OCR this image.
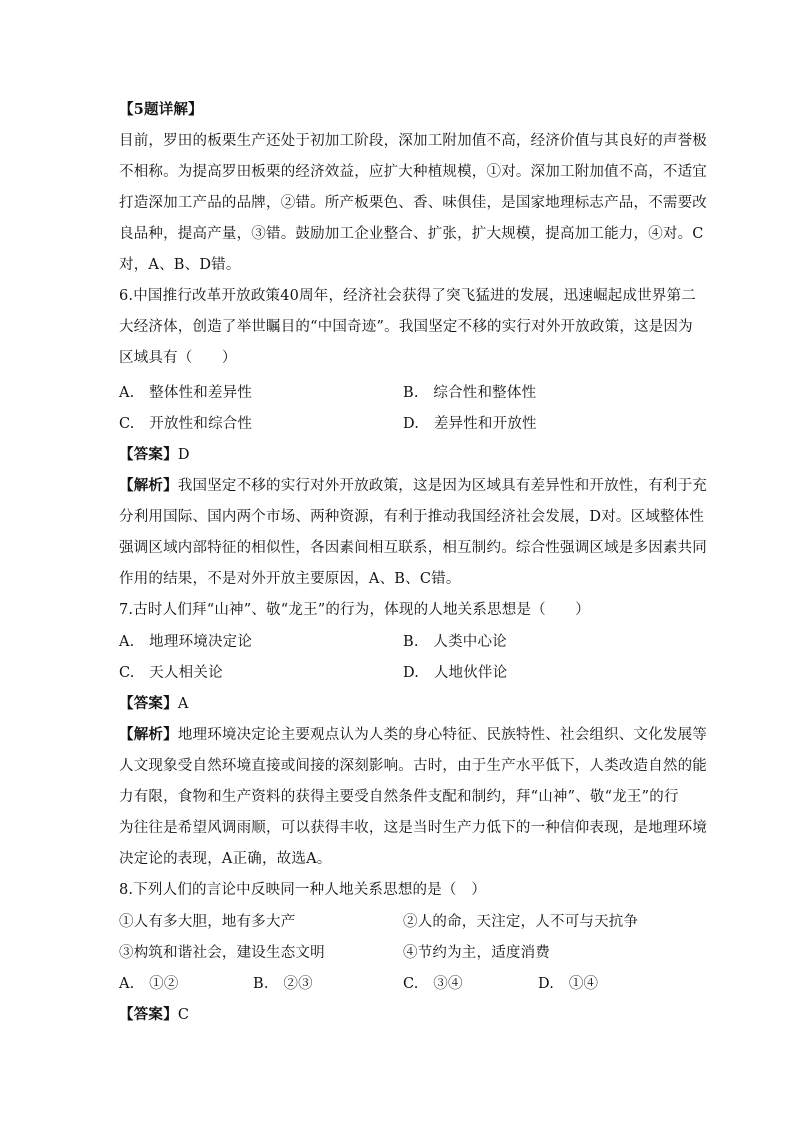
【5题详解】
目前，罗田的板栗生产还处于初加工阶段，深加工附加值不高，经济价值与其良好的声誉极
不相称。为提高罗田板栗的经济效益，应扩大种植规模，①对。深加工附加值不高，不适宜
打造深加工产品的品牌，②错。所产板栗色、香、味俱佳，是国家地理标志产品，不需要改
良品种，提高产量，③错。鼓励加工企业整合、扩张，扩大规模，提高加工能力，④对。C
对，A、B、D错。
6.中国推行改革开放政策40周年，经济社会获得了突飞猛进的发展，迅速崛起成世界第二
大经济体，创造了举世瞩目的“中国奇迹”。我国坚定不移的实行对外开放政策，这是因为
区域具有（　　）
A.　整体性和差异性	B.　综合性和整体性
C.　开放性和综合性	D.　差异性和开放性
【答案】D
【解析】我国坚定不移的实行对外开放政策，这是因为区域具有差异性和开放性，有利于充
分利用国际、国内两个市场、两种资源，有利于推动我国经济社会发展，D对。区域整体性
强调区域内部特征的相似性，各因素间相互联系，相互制约。综合性强调区域是多因素共同
作用的结果，不是对外开放主要原因，A、B、C错。
7.古时人们拜“山神”、敬“龙王”的行为，体现的人地关系思想是（　　）
A.　地理环境决定论	B.　人类中心论
C.　天人相关论	D.　人地伙伴论
【答案】A
【解析】地理环境决定论主要观点认为人类的身心特征、民族特性、社会组织、文化发展等
人文现象受自然环境直接或间接的深刻影响。古时，由于生产水平低下，人类改造自然的能
力有限，食物和生产资料的获得主要受自然条件支配和制约，拜“山神”、敬“龙王”的行
为往往是希望风调雨顺，可以获得丰收，这是当时生产力低下的一种信仰表现，是地理环境
决定论的表现，A正确，故选A。
8.下列人们的言论中反映同一种人地关系思想的是（　）
①人有多大胆，地有多大产	②人的命，天注定，人不可与天抗争
③构筑和谐社会，建设生态文明	④节约为主，适度消费
A.　①②	B.　②③	C.　③④	D.　①④
【答案】C
